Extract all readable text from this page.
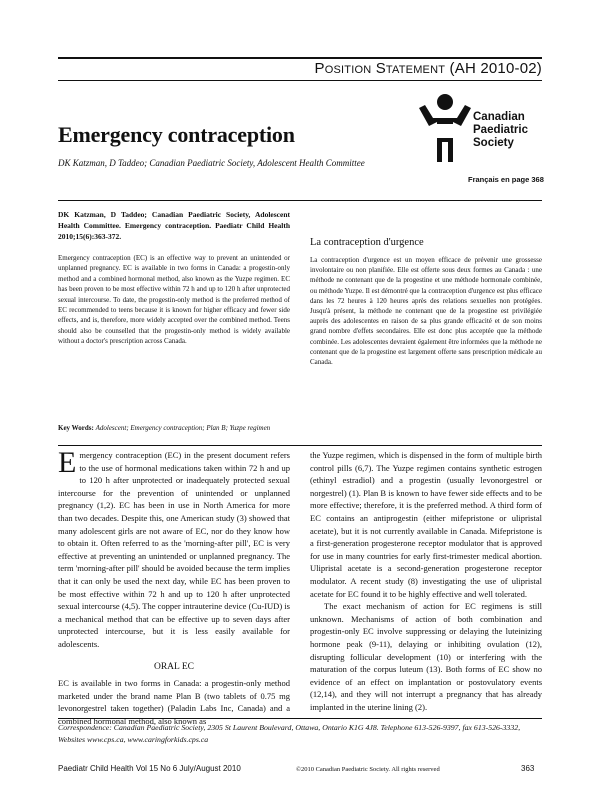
Position Statement (AH 2010-02)
Emergency contraception
DK Katzman, D Taddeo; Canadian Paediatric Society, Adolescent Health Committee
Canadian
Paediatric
Society
Français en page 368
DK Katzman, D Taddeo; Canadian Paediatric Society, Adolescent Health Committee. Emergency contraception. Paediatr Child Health 2010;15(6):363-372.
Emergency contraception (EC) is an effective way to prevent an unintended or unplanned pregnancy. EC is available in two forms in Canada: a progestin-only method and a combined hormonal method, also known as the Yuzpe regimen. EC has been proven to be most effective within 72 h and up to 120 h after unprotected sexual intercourse. To date, the progestin-only method is the preferred method of EC recommended to teens because it is known for higher efficacy and fewer side effects, and is, therefore, more widely accepted over the combined method. Teens should also be counselled that the progestin-only method is widely available without a doctor's prescription across Canada.
Key Words: Adolescent; Emergency contraception; Plan B; Yuzpe regimen
La contraception d'urgence
La contraception d'urgence est un moyen efficace de prévenir une grossesse involontaire ou non planifiée. Elle est offerte sous deux formes au Canada : une méthode ne contenant que de la progestine et une méthode hormonale combinée, ou méthode Yuzpe. Il est démontré que la contraception d'urgence est plus efficace dans les 72 heures à 120 heures après des relations sexuelles non protégées. Jusqu'à présent, la méthode ne contenant que de la progestine est privilégiée auprès des adolescentes en raison de sa plus grande efficacité et de son moins grand nombre d'effets secondaires. Elle est donc plus acceptée que la méthode combinée. Les adolescentes devraient également être informées que la méthode ne contenant que de la progestine est largement offerte sans prescription médicale au Canada.

Emergency contraception (EC) in the present document refers to the use of hormonal medications taken within 72 h and up to 120 h after unprotected or inadequately protected sexual intercourse for the prevention of unintended or unplanned pregnancy (1,2). EC has been in use in North America for more than two decades. Despite this, one American study (3) showed that many adolescent girls are not aware of EC, nor do they know how to obtain it. Often referred to as the 'morning-after pill', EC is very effective at preventing an unintended or unplanned pregnancy. The term 'morning-after pill' should be avoided because the term implies that it can only be used the next day, while EC has been proven to be most effective within 72 h and up to 120 h after unprotected sexual intercourse (4,5). The copper intrauterine device (Cu-IUD) is a mechanical method that can be effective up to seven days after unprotected intercourse, but it is less easily available for adolescents.

ORAL EC

EC is available in two forms in Canada: a progestin-only method marketed under the brand name Plan B (two tablets of 0.75 mg levonorgestrel taken together) (Paladin Labs Inc, Canada) and a combined hormonal method, also known as

the Yuzpe regimen, which is dispensed in the form of multiple birth control pills (6,7). The Yuzpe regimen contains synthetic estrogen (ethinyl estradiol) and a progestin (usually levonorgestrel or norgestrel) (1). Plan B is known to have fewer side effects and to be more effective; therefore, it is the preferred method. A third form of EC contains an antiprogestin (either mifepristone or ulipristal acetate), but it is not currently available in Canada. Mifepristone is a first-generation progesterone receptor modulator that is approved for use in many countries for early first-trimester medical abortion. Ulipristal acetate is a second-generation progesterone receptor modulator. A recent study (8) investigating the use of ulipristal acetate for EC found it to be highly effective and well tolerated.

The exact mechanism of action for EC regimens is still unknown. Mechanisms of action of both combination and progestin-only EC involve suppressing or delaying the luteinizing hormone peak (9-11), delaying or inhibiting ovulation (12), disrupting follicular development (10) or interfering with the maturation of the corpus luteum (13). Both forms of EC show no evidence of an effect on implantation or postovulatory events (12,14), and they will not interrupt a pregnancy that has already implanted in the uterine lining (2).

Correspondence: Canadian Paediatric Society, 2305 St Laurent Boulevard, Ottawa, Ontario K1G 4J8. Telephone 613-526-9397, fax 613-526-3332, Websites www.cps.ca, www.caringforkids.cps.ca
Paediatr Child Health Vol 15 No 6 July/August 2010	©2010 Canadian Paediatric Society. All rights reserved	363
